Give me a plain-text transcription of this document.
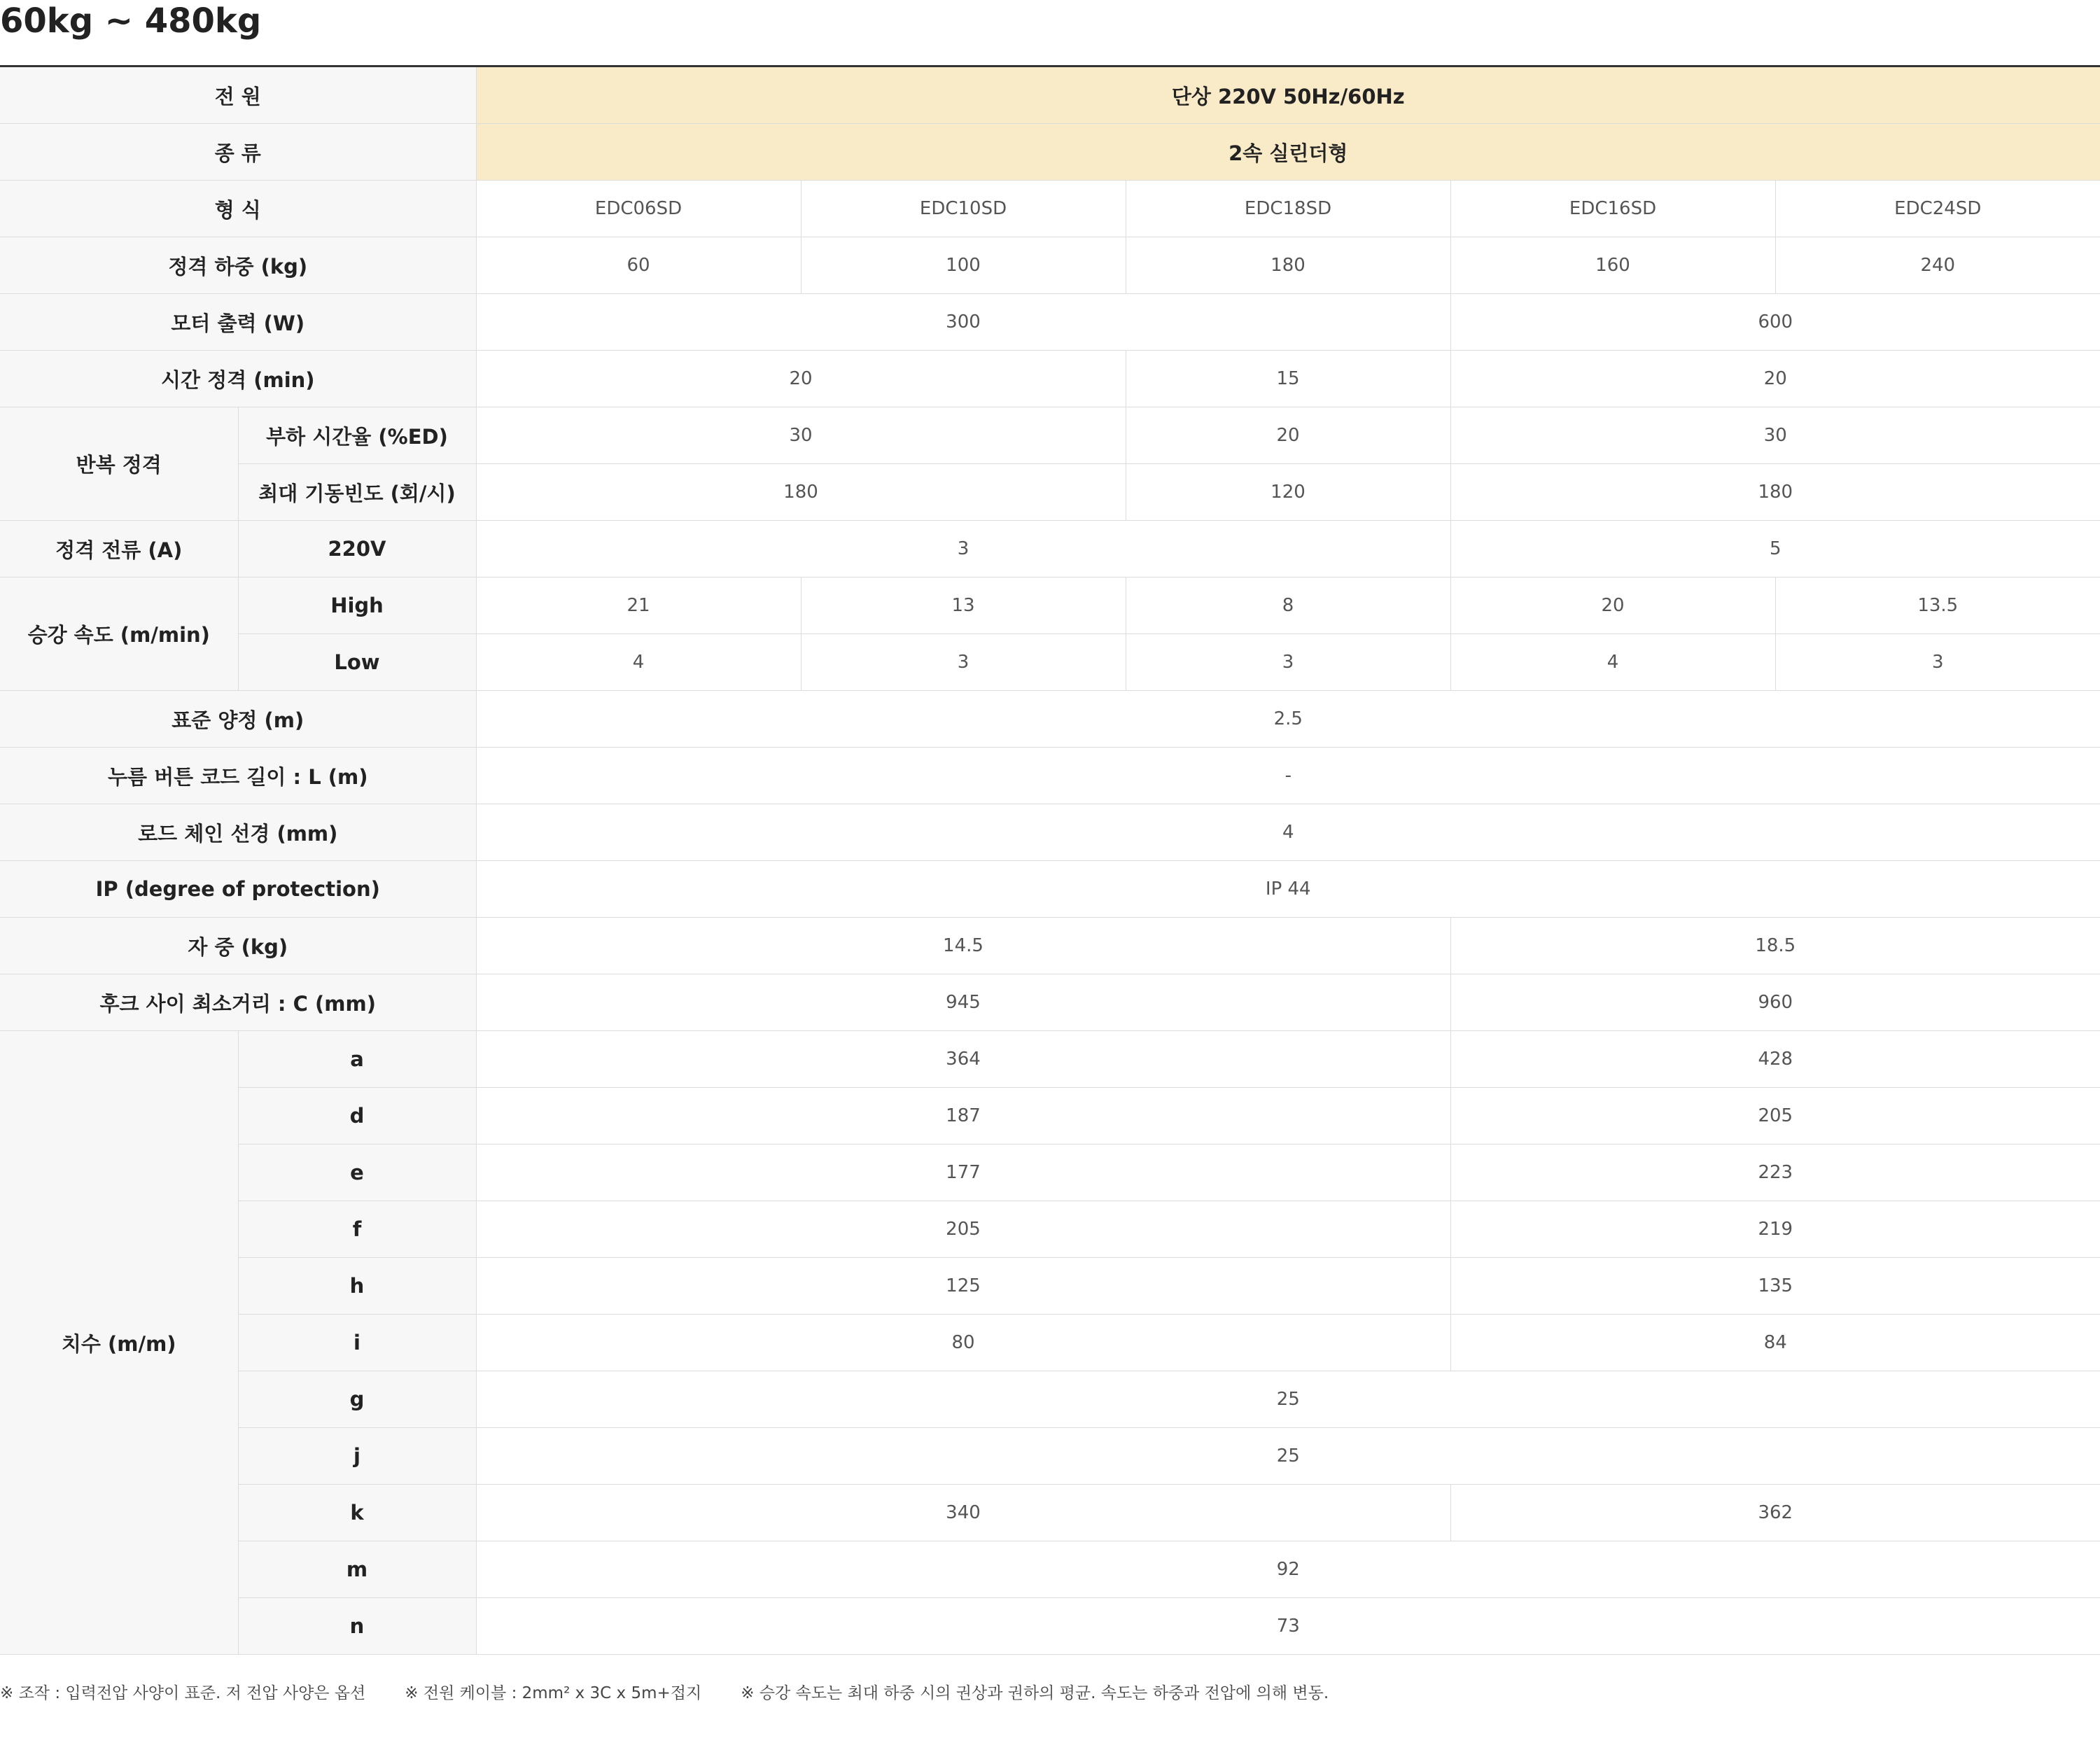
60kg ~ 480kg
전 원		단상 220V 50Hz/60Hz				
종 류		2속 실린더형				
형 식		EDC06SD	EDC10SD	EDC18SD	EDC16SD	EDC24SD
정격 하중 (kg)		60	100	180	160	240
모터 출력 (W)		300			600	
시간 정격 (min)		20		15	20	
반복 정격	부하 시간율 (%ED)	30		20	30	
	최대 기동빈도 (회/시)	180		120	180	
정격 전류 (A)	220V	3			5	
승강 속도 (m/min)	High	21	13	8	20	13.5
	Low	4	3	3	4	3
표준 양정 (m)		2.5				
누름 버튼 코드 길이 : L (m)		-				
로드 체인 선경 (mm)		4				
IP (degree of protection)		IP 44				
자 중 (kg)		14.5			18.5	
후크 사이 최소거리 : C (mm)		945			960	
치수 (m/m)	a	364			428	
	d	187			205	
	e	177			223	
	f	205			219	
	h	125			135	
	i	80			84	
	g	25				
	j	25				
	k	340			362	
	m	92				
	n	73				
※ 조작 : 입력전압 사양이 표준. 저 전압 사양은 옵션 ※ 전원 케이블 : 2mm² x 3C x 5m+접지 ※ 승강 속도는 최대 하중 시의 권상과 권하의 평균. 속도는 하중과 전압에 의해 변동.
